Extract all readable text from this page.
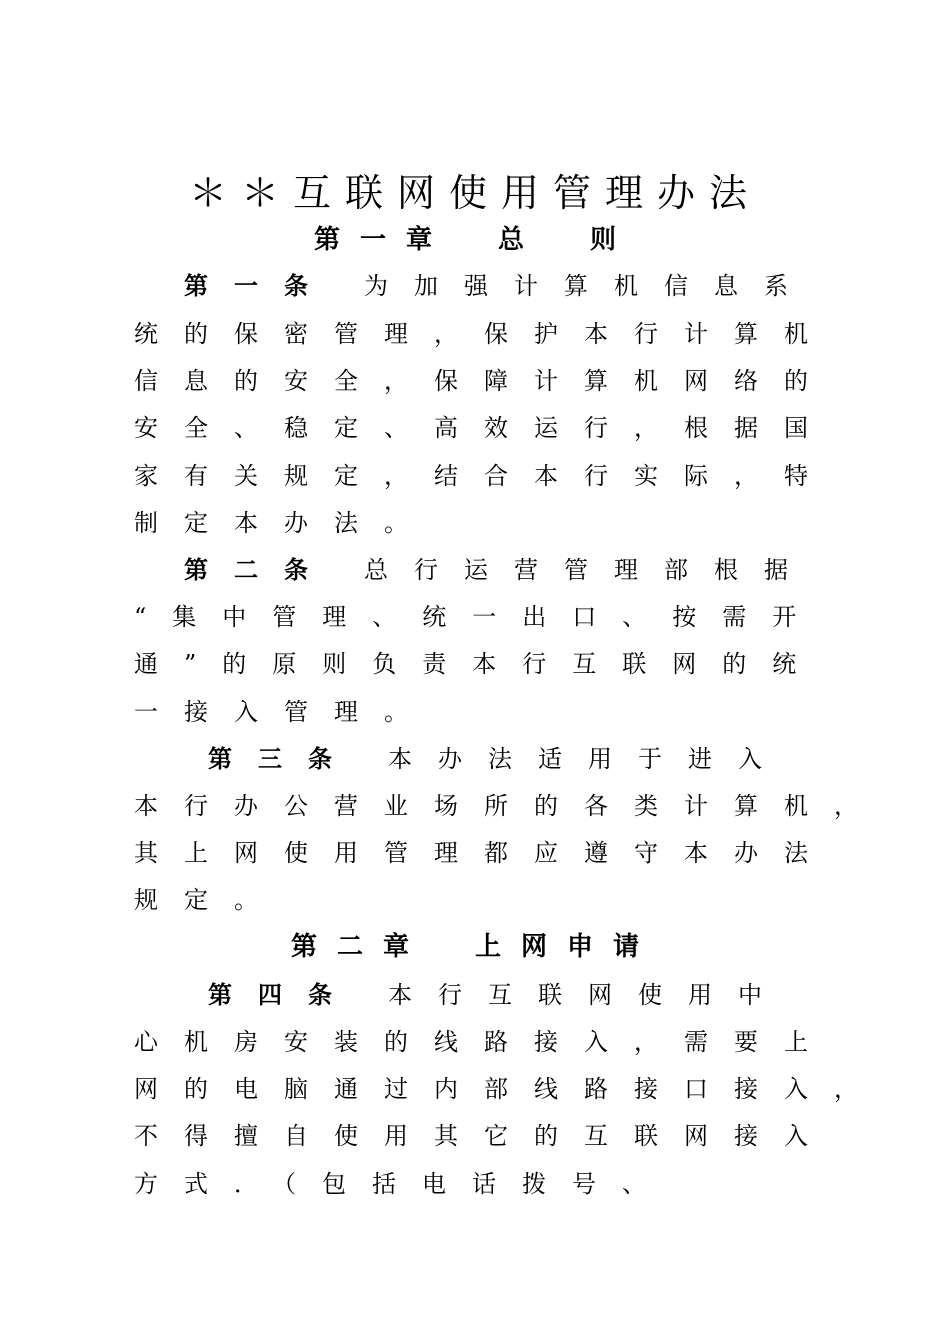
＊＊互联网使用管理办法
第一章　总　则
第一条 为加强计算机信息系
统的保密管理，保护本行计算机
信息的安全，保障计算机网络的
安全、稳定、高效运行，根据国
家有关规定，结合本行实际，特
制定本办法。
第二条 总行运营管理部根据
“集中管理、统一出口、按需开
通”的原则负责本行互联网的统
一接入管理。
第三条 本办法适用于进入
本行办公营业场所的各类计算机，
其上网使用管理都应遵守本办法
规定。
第二章　上网申请
第四条 本行互联网使用中
心机房安装的线路接入，需要上
网的电脑通过内部线路接口接入，
不得擅自使用其它的互联网接入
方式．（包括电话拨号、
